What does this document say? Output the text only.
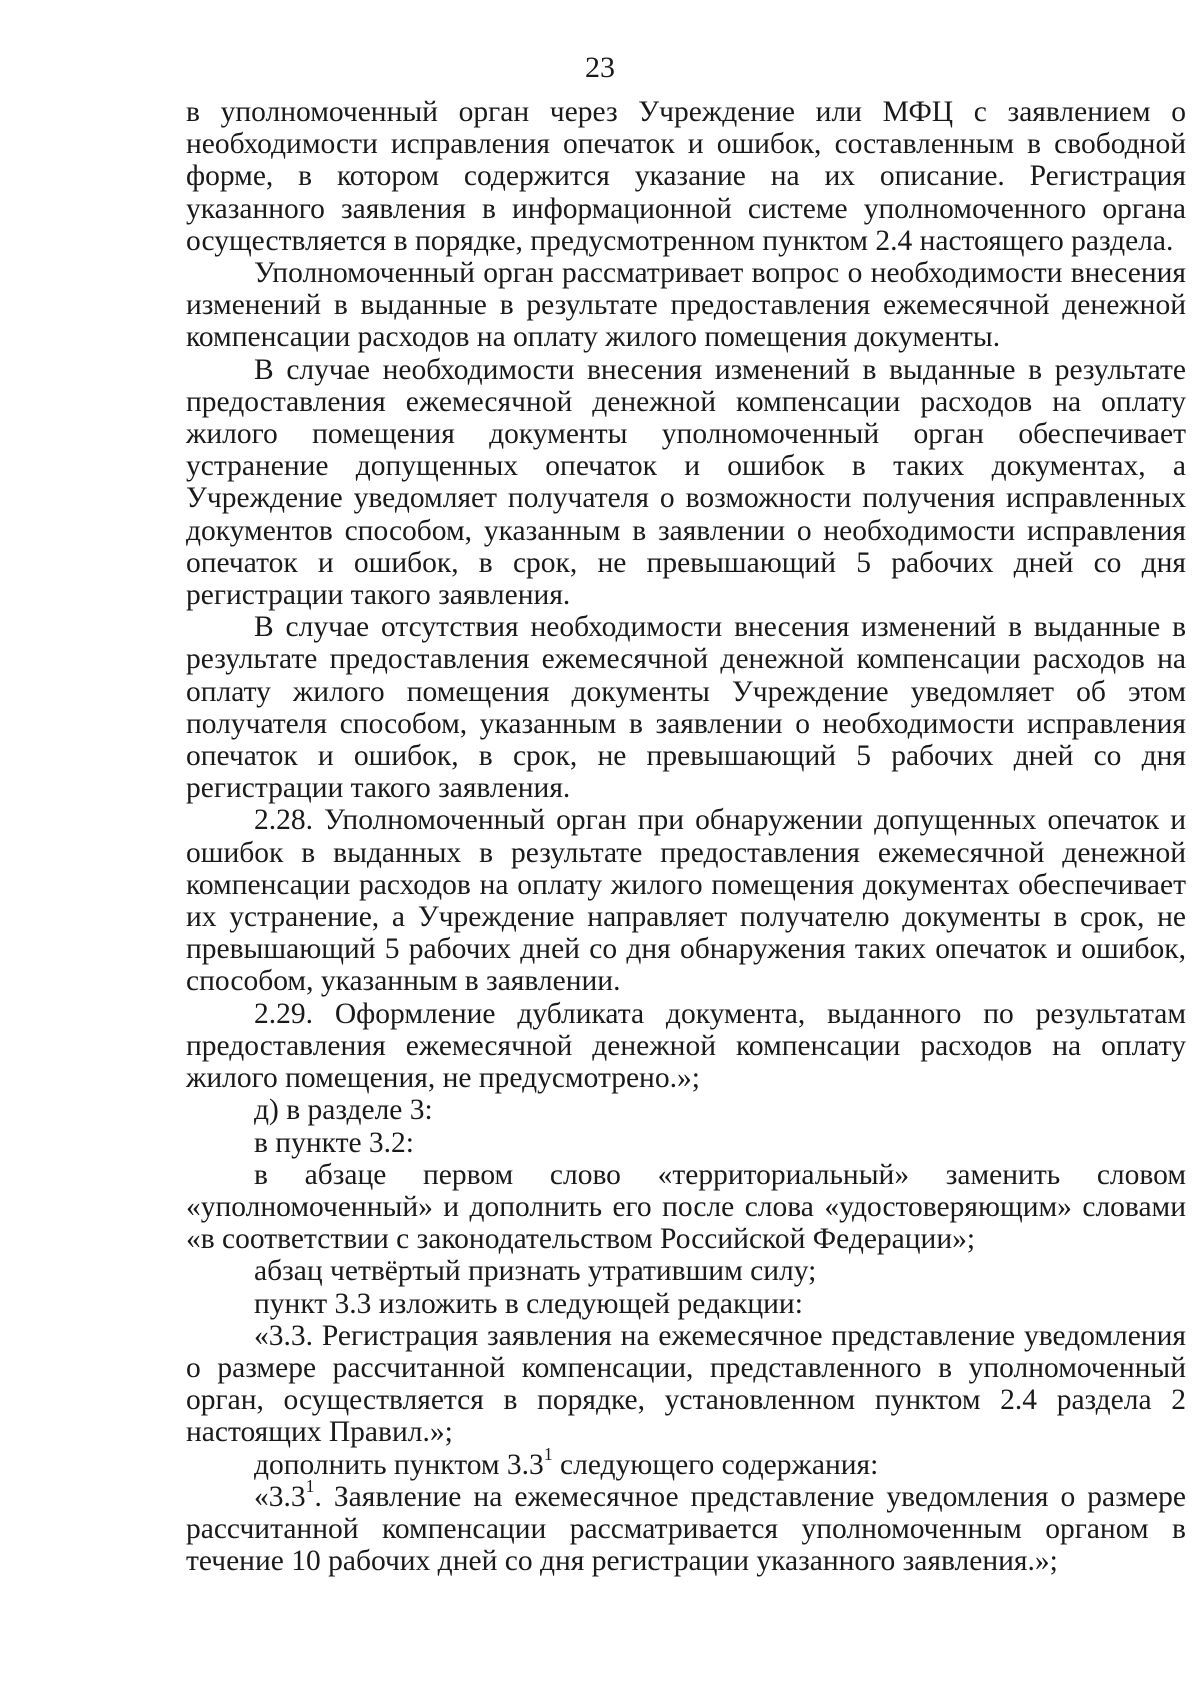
23

в уполномоченный орган через Учреждение или МФЦ с заявлением о необходимости исправления опечаток и ошибок, составленным в свободной форме, в котором содержится указание на их описание. Регистрация указанного заявления в информационной системе уполномоченного органа осуществляется в порядке, предусмотренном пунктом 2.4 настоящего раздела.

Уполномоченный орган рассматривает вопрос о необходимости внесения изменений в выданные в результате предоставления ежемесячной денежной компенсации расходов на оплату жилого помещения документы.

В случае необходимости внесения изменений в выданные в результате предоставления ежемесячной денежной компенсации расходов на оплату жилого помещения документы уполномоченный орган обеспечивает устранение допущенных опечаток и ошибок в таких документах, а Учреждение уведомляет получателя о возможности получения исправленных документов способом, указанным в заявлении о необходимости исправления опечаток и ошибок, в срок, не превышающий 5 рабочих дней со дня регистрации такого заявления.

В случае отсутствия необходимости внесения изменений в выданные в результате предоставления ежемесячной денежной компенсации расходов на оплату жилого помещения документы Учреждение уведомляет об этом получателя способом, указанным в заявлении о необходимости исправления опечаток и ошибок, в срок, не превышающий 5 рабочих дней со дня регистрации такого заявления.

2.28. Уполномоченный орган при обнаружении допущенных опечаток и ошибок в выданных в результате предоставления ежемесячной денежной компенсации расходов на оплату жилого помещения документах обеспечивает их устранение, а Учреждение направляет получателю документы в срок, не превышающий 5 рабочих дней со дня обнаружения таких опечаток и ошибок, способом, указанным в заявлении.

2.29. Оформление дубликата документа, выданного по результатам предоставления ежемесячной денежной компенсации расходов на оплату жилого помещения, не предусмотрено.»;

д) в разделе 3:

в пункте 3.2:

в абзаце первом слово «территориальный» заменить словом «уполномоченный» и дополнить его после слова «удостоверяющим» словами «в соответствии с законодательством Российской Федерации»;

абзац четвёртый признать утратившим силу;

пункт 3.3 изложить в следующей редакции:

«3.3. Регистрация заявления на ежемесячное представление уведомления о размере рассчитанной компенсации, представленного в уполномоченный орган, осуществляется в порядке, установленном пунктом 2.4 раздела 2 настоящих Правил.»;

дополнить пунктом $3.3^1$ следующего содержания:

«$3.3^1$. Заявление на ежемесячное представление уведомления о размере рассчитанной компенсации рассматривается уполномоченным органом в течение 10 рабочих дней со дня регистрации указанного заявления.»;
